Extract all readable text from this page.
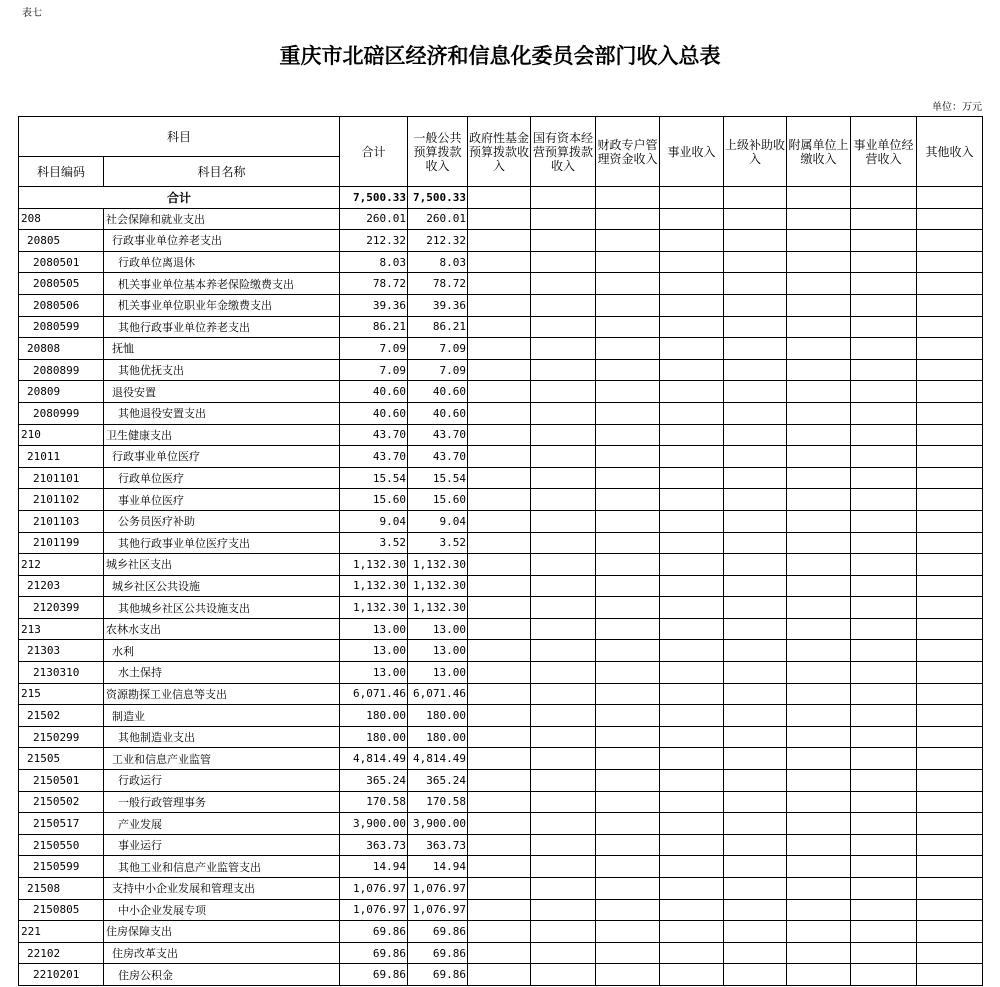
表七
重庆市北碚区经济和信息化委员会部门收入总表
单位：万元
科目		合计	一般公共预算拨款收入	政府性基金预算拨款收入	国有资本经营预算拨款收入	财政专户管理资金收入	事业收入	上级补助收入	附属单位上缴收入	事业单位经营收入	其他收入
科目编码	科目名称										
合计		7,500.33	7,500.33								
208	社会保障和就业支出	260.01	260.01								
20805	行政事业单位养老支出	212.32	212.32								
2080501	行政单位离退休	8.03	8.03								
2080505	机关事业单位基本养老保险缴费支出	78.72	78.72								
2080506	机关事业单位职业年金缴费支出	39.36	39.36								
2080599	其他行政事业单位养老支出	86.21	86.21								
20808	抚恤	7.09	7.09								
2080899	其他优抚支出	7.09	7.09								
20809	退役安置	40.60	40.60								
2080999	其他退役安置支出	40.60	40.60								
210	卫生健康支出	43.70	43.70								
21011	行政事业单位医疗	43.70	43.70								
2101101	行政单位医疗	15.54	15.54								
2101102	事业单位医疗	15.60	15.60								
2101103	公务员医疗补助	9.04	9.04								
2101199	其他行政事业单位医疗支出	3.52	3.52								
212	城乡社区支出	1,132.30	1,132.30								
21203	城乡社区公共设施	1,132.30	1,132.30								
2120399	其他城乡社区公共设施支出	1,132.30	1,132.30								
213	农林水支出	13.00	13.00								
21303	水利	13.00	13.00								
2130310	水土保持	13.00	13.00								
215	资源勘探工业信息等支出	6,071.46	6,071.46								
21502	制造业	180.00	180.00								
2150299	其他制造业支出	180.00	180.00								
21505	工业和信息产业监管	4,814.49	4,814.49								
2150501	行政运行	365.24	365.24								
2150502	一般行政管理事务	170.58	170.58								
2150517	产业发展	3,900.00	3,900.00								
2150550	事业运行	363.73	363.73								
2150599	其他工业和信息产业监管支出	14.94	14.94								
21508	支持中小企业发展和管理支出	1,076.97	1,076.97								
2150805	中小企业发展专项	1,076.97	1,076.97								
221	住房保障支出	69.86	69.86								
22102	住房改革支出	69.86	69.86								
2210201	住房公积金	69.86	69.86								
